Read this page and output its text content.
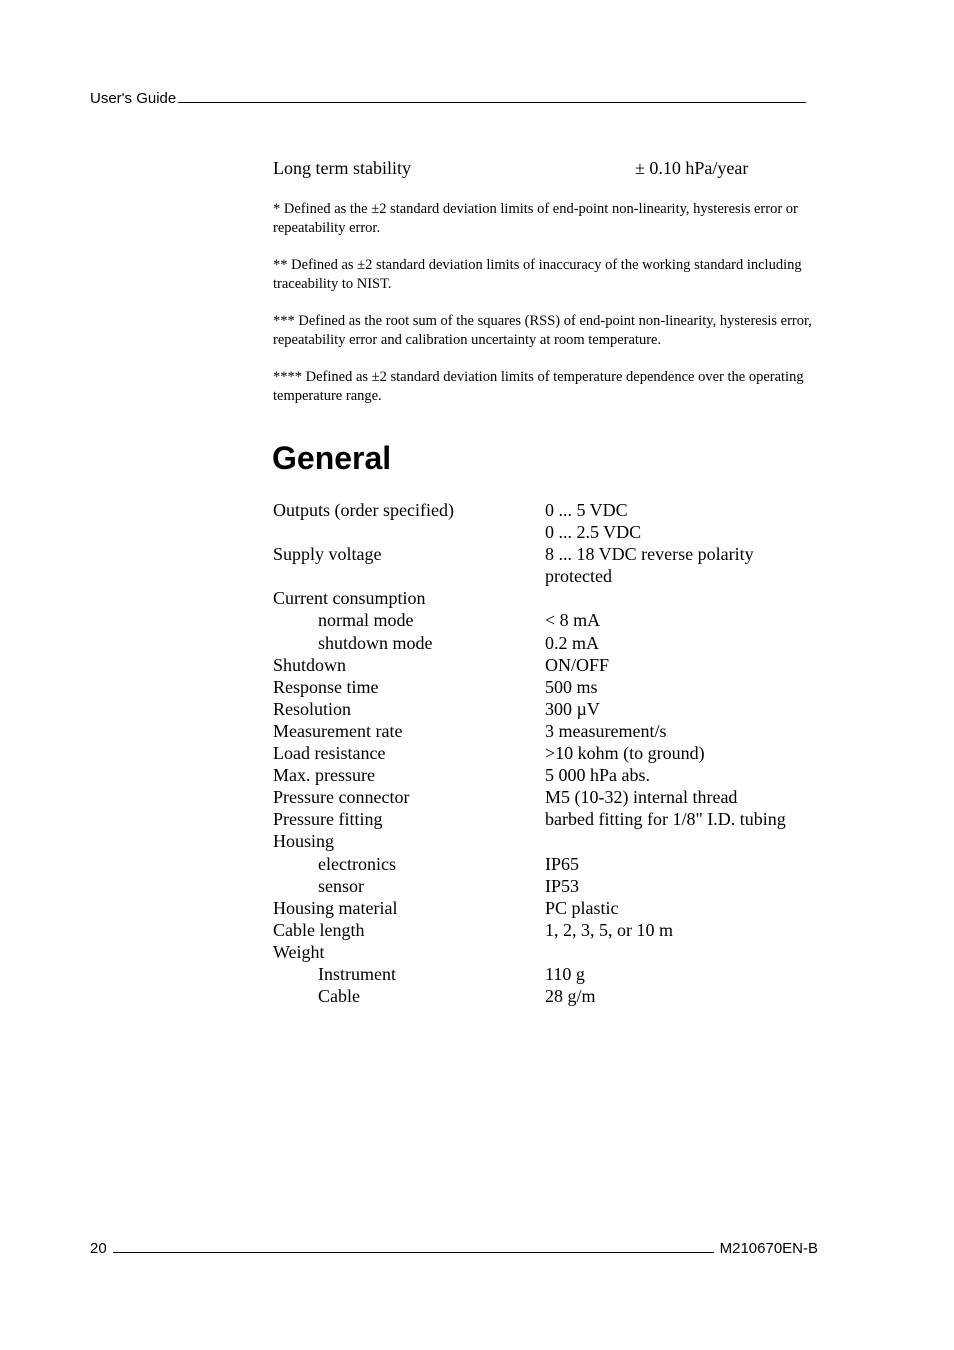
User's Guide
Long term stability	± 0.10 hPa/year

* Defined as the ±2 standard deviation limits of end-point non-linearity, hysteresis error or repeatability error.

** Defined as ±2 standard deviation limits of inaccuracy of the working standard including traceability to NIST.

*** Defined as the root sum of the squares (RSS) of end-point non-linearity, hysteresis error, repeatability error and calibration uncertainty at room temperature.

**** Defined as ±2 standard deviation limits of temperature dependence over the operating temperature range.

General
Outputs (order specified)	0 ... 5 VDC
0 ... 2.5 VDC
Supply voltage	8 ... 18 VDC reverse polarity
protected
Current consumption
normal mode	< 8 mA
shutdown mode	0.2 mA
Shutdown	ON/OFF
Response time	500 ms
Resolution	300 µV
Measurement rate	3 measurement/s
Load resistance	>10 kohm (to ground)
Max. pressure	5 000 hPa abs.
Pressure connector	M5 (10-32) internal thread
Pressure fitting	barbed fitting for 1/8" I.D. tubing
Housing
electronics	IP65
sensor	IP53
Housing material	PC plastic
Cable length	1, 2, 3, 5, or 10 m
Weight
Instrument	110 g
Cable	28 g/m
20	M210670EN-B
